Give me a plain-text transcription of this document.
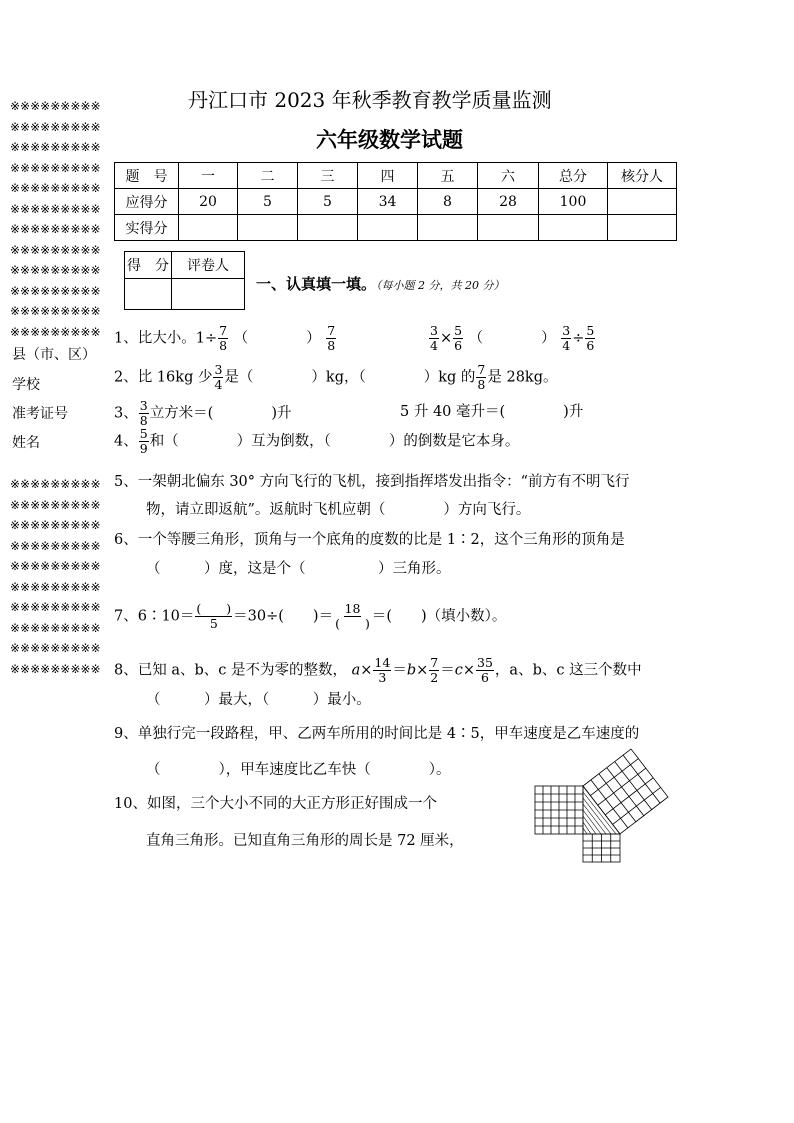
※※※※※※※※※
※※※※※※※※※
※※※※※※※※※
※※※※※※※※※
※※※※※※※※※
※※※※※※※※※
※※※※※※※※※
※※※※※※※※※
※※※※※※※※※
※※※※※※※※※
※※※※※※※※※
※※※※※※※※※
县（市、区）
学校
准考证号
姓名
※※※※※※※※※
※※※※※※※※※
※※※※※※※※※
※※※※※※※※※
※※※※※※※※※
※※※※※※※※※
※※※※※※※※※
※※※※※※※※※
※※※※※※※※※
※※※※※※※※※
丹江口市 2023 年秋季教育教学质量监测
六年级数学试题
题　号	一	二	三	四	五	六	总分	核分人
应得分	20	5	5	34	8	28	100	
实得分								
得　分	评卷人

一、认真填一填。（每小题 2 分，共 20 分）
1、比大小。$1\div \frac{7}{8}$ （　　　　） $\frac{7}{8}$	$\frac{3}{4} \times \frac{5}{6}$ （　　　　） $\frac{3}{4} \div \frac{5}{6}$
2、比 16kg 少 $\frac{3}{4}$ 是（　　　　）kg，（　　　　）kg 的 $\frac{7}{8}$ 是 28kg。
3、 $\frac{3}{8}$ 立方米＝(　　　　)升	5 升 40 毫升＝(　　　　)升
4、 $\frac{5}{9}$ 和（　　　　）互为倒数，（　　　　）的倒数是它本身。
5、一架朝北偏东 30° 方向飞行的飞机，接到指挥塔发出指令：“前方有不明飞行
物，请立即返航”。返航时飞机应朝（　　　　）方向飞行。
6、一个等腰三角形，顶角与一个底角的度数的比是 1∶2，这个三角形的顶角是
（　　　）度，这是个（　　　　　）三角形。
7、6∶10＝ $\frac{( )}{5} =30\div$(　　)＝ $\frac{18}{( )}$ ＝(　　)（填小数）。
8、已知 a、b、c 是不为零的整数， $a\times \frac{14}{3} =b\times \frac{7}{2} =c\times \frac{35}{6}$ ，a、b、c 这三个数中
（　　　）最大，（　　　）最小。
9、单独行完一段路程，甲、乙两车所用的时间比是 4∶5，甲车速度是乙车速度的
（　　　　），甲车速度比乙车快（　　　　）。
10、如图，三个大小不同的大正方形正好围成一个
直角三角形。已知直角三角形的周长是 72 厘米，
